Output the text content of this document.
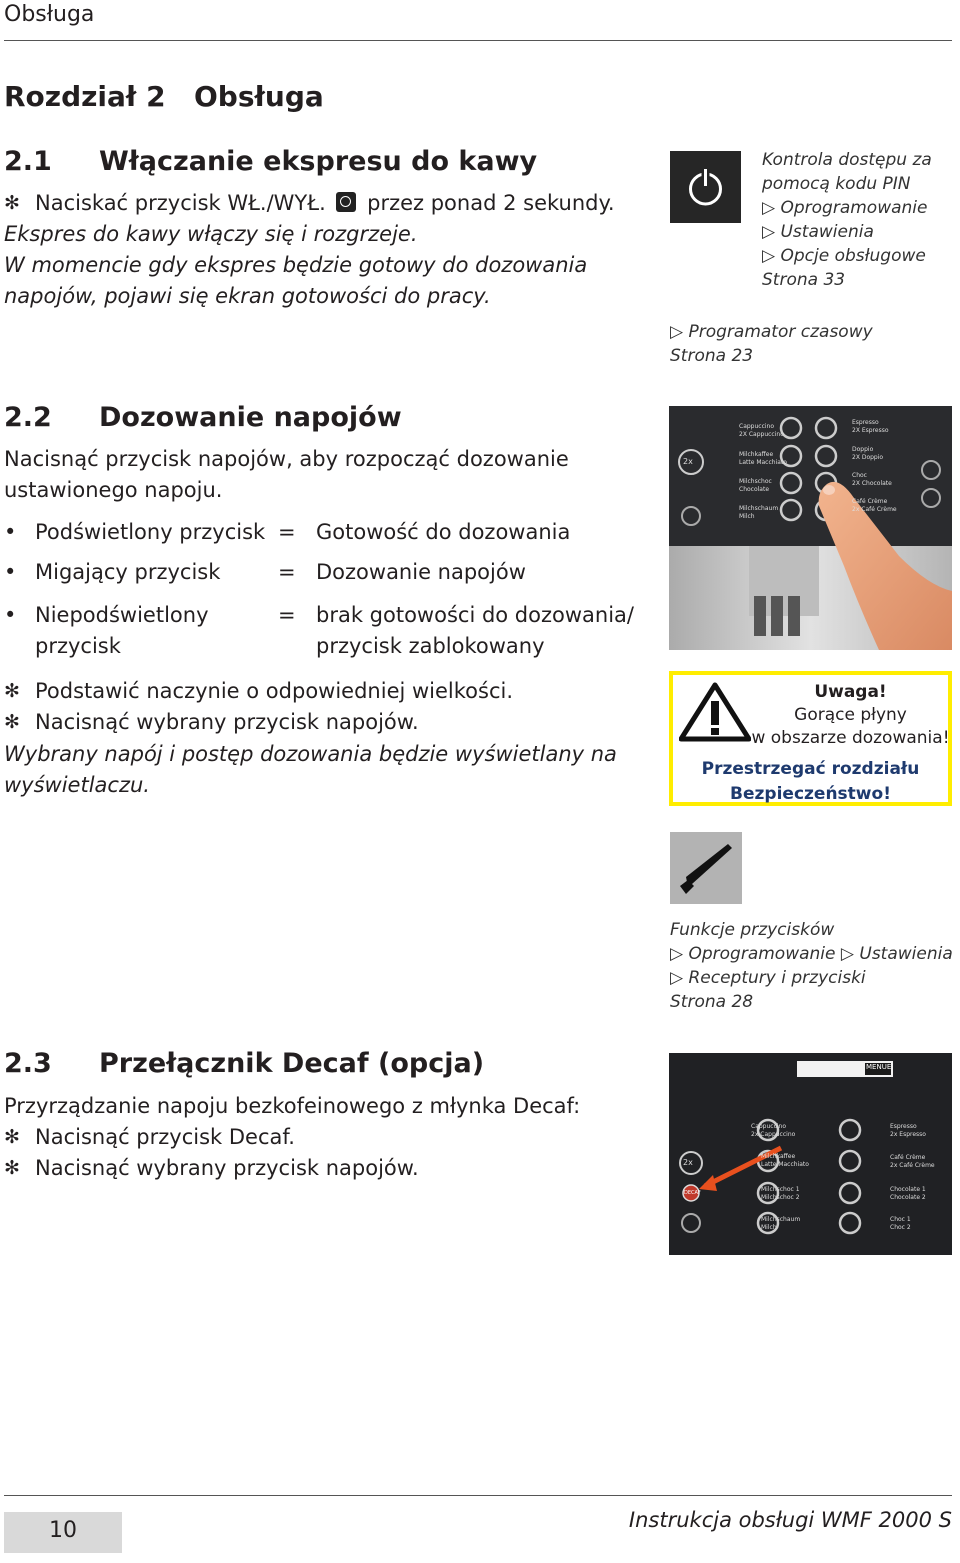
Obsługa
Rozdział 2 Obsługa
2.1 Włączanie ekspresu do kawy
✻ Naciskać przycisk WŁ./WYŁ. przez ponad 2 sekundy.
Ekspres do kawy włączy się i rozgrzeje.
W momencie gdy ekspres będzie gotowy do dozowania
napojów, pojawi się ekran gotowości do pracy.
Kontrola dostępu za
pomocą kodu PIN
▷ Oprogramowanie
▷ Ustawienia
▷ Opcje obsługowe
Strona 33
▷ Programator czasowy
Strona 23
2.2 Dozowanie napojów
Nacisnąć przycisk napojów, aby rozpocząć dozowanie
ustawionego napoju.
• Podświetlony przycisk = Gotowość do dozowania
• Migający przycisk	= Dozowanie napojów
• Niepodświetlony
przycisk
= brak gotowości do dozowania/
przycisk zablokowany
✻ Podstawić naczynie o odpowiedniej wielkości.
✻ Nacisnąć wybrany przycisk napojów.
Wybrany napój i postęp dozowania będzie wyświetlany na
wyświetlaczu.
Cappuccino
2X Cappuccino
Milchkaffee
Latte Macchiato
Milchschoc
Chocolate
Milchschaum
Milch
Espresso
2X Espresso
Doppio
2X Doppio
Choc
2X Chocolate
Café Crème
2x Café Crème
2x
Uwaga!
Gorące płyny
w obszarze dozowania!
Przestrzegać rozdziału
Bezpieczeństwo!
Funkcje przycisków
▷ Oprogramowanie ▷ Ustawienia
▷ Receptury i przyciski
Strona 28
2.3 Przełącznik Decaf (opcja)
Przyrządzanie napoju bezkofeinowego z młynka Decaf:
✻ Nacisnąć przycisk Decaf.
✻ Nacisnąć wybrany przycisk napojów.
MENUE
Cappuccino
2x Cappuccino
Milchkaffee
Latte Macchiato
Milchschoc 1
Milchschoc 2
Milchschaum
Milch
Espresso
2x Espresso
Café Crème
2x Café Crème
Chocolate 1
Chocolate 2
Choc 1
Choc 2
2x
DECAF
10	Instrukcja obsługi WMF 2000 S
